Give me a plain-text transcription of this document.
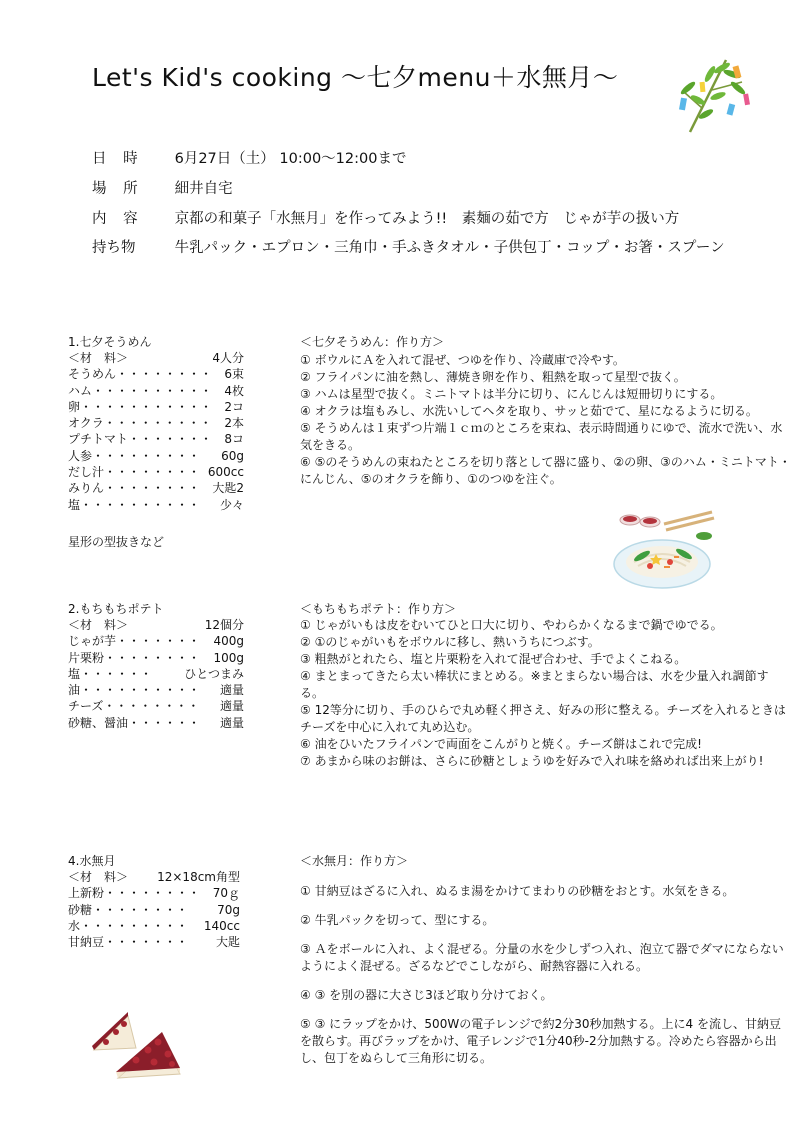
Let's Kid's cooking ～七夕menu＋水無月～
日 時 6月27日（土） 10:00～12:00まで
場 所 細井自宅
内 容 京都の和菓子「水無月」を作ってみよう!!　素麺の茹で方　じゃが芋の扱い方
持ち物	牛乳パック・エプロン・三角巾・手ふきタオル・子供包丁・コップ・お箸・スプーン
1.七夕そうめん
＜材　料＞	4人分
そうめん・・・・・・・・ 6束
ハム・・・・・・・・・・ 4枚
卵・・・・・・・・・・・ 2コ
オクラ・・・・・・・・・ 2本
プチトマト・・・・・・・ 8コ
人参・・・・・・・・・ 60g
だし汁・・・・・・・・ 600cc
みりん・・・・・・・・ 大匙2
塩・・・・・・・・・・ 少々
星形の型抜きなど
＜七夕そうめん：作り方＞

① ボウルにＡを入れて混ぜ、つゆを作り、冷蔵庫で冷やす。

② フライパンに油を熱し、薄焼き卵を作り、粗熱を取って星型で抜く。

③ ハムは星型で抜く。ミニトマトは半分に切り、にんじんは短冊切りにする。

④ オクラは塩もみし、水洗いしてヘタを取り、サッと茹でて、星になるように切る。

⑤ そうめんは１束ずつ片端１ｃｍのところを束ね、表示時間通りにゆで、流水で洗い、水気をきる。

⑥ ⑤のそうめんの束ねたところを切り落として器に盛り、②の卵、③のハム・ミニトマト・にんじん、⑤のオクラを飾り、①のつゆを注ぐ。

2.もちもちポテト
＜材　料＞	12個分
じゃが芋・・・・・・・ 400g
片栗粉・・・・・・・・ 100g
塩・・・・・・	ひとつまみ
油・・・・・・・・・・ 適量
チーズ・・・・・・・・ 適量
砂糖、醤油・・・・・・ 適量
＜もちもちポテト：作り方＞

① じゃがいもは皮をむいてひと口大に切り、やわらかくなるまで鍋でゆでる。

② ①のじゃがいもをボウルに移し、熱いうちにつぶす。

③ 粗熱がとれたら、塩と片栗粉を入れて混ぜ合わせ、手でよくこねる。

④ まとまってきたら太い棒状にまとめる。※まとまらない場合は、水を少量入れ調節する。

⑤ 12等分に切り、手のひらで丸め軽く押さえ、好みの形に整える。チーズを入れるときはチーズを中心に入れて丸め込む。

⑥ 油をひいたフライパンで両面をこんがりと焼く。チーズ餅はこれで完成!

⑦ あまから味のお餅は、さらに砂糖としょうゆを好みで入れ味を絡めれば出来上がり!

4.水無月
＜材　料＞ 12×18cm角型
上新粉・・・・・・・・ 70ｇ
砂糖・・・・・・・・ 70g
水・・・・・・・・・ 140cc
甘納豆・・・・・・・ 大匙
＜水無月：作り方＞

① 甘納豆はざるに入れ、ぬるま湯をかけてまわりの砂糖をおとす。水気をきる。

② 牛乳パックを切って、型にする。

③ Ａをボールに入れ、よく混ぜる。分量の水を少しずつ入れ、泡立て器でダマにならないようによく混ぜる。ざるなどでこしながら、耐熱容器に入れる。

④ ③ を別の器に大さじ3ほど取り分けておく。

⑤ ③ にラップをかけ、500Wの電子レンジで約2分30秒加熱する。上に4 を流し、甘納豆を散らす。再びラップをかけ、電子レンジで1分40秒-2分加熱する。冷めたら容器から出し、包丁をぬらして三角形に切る。
